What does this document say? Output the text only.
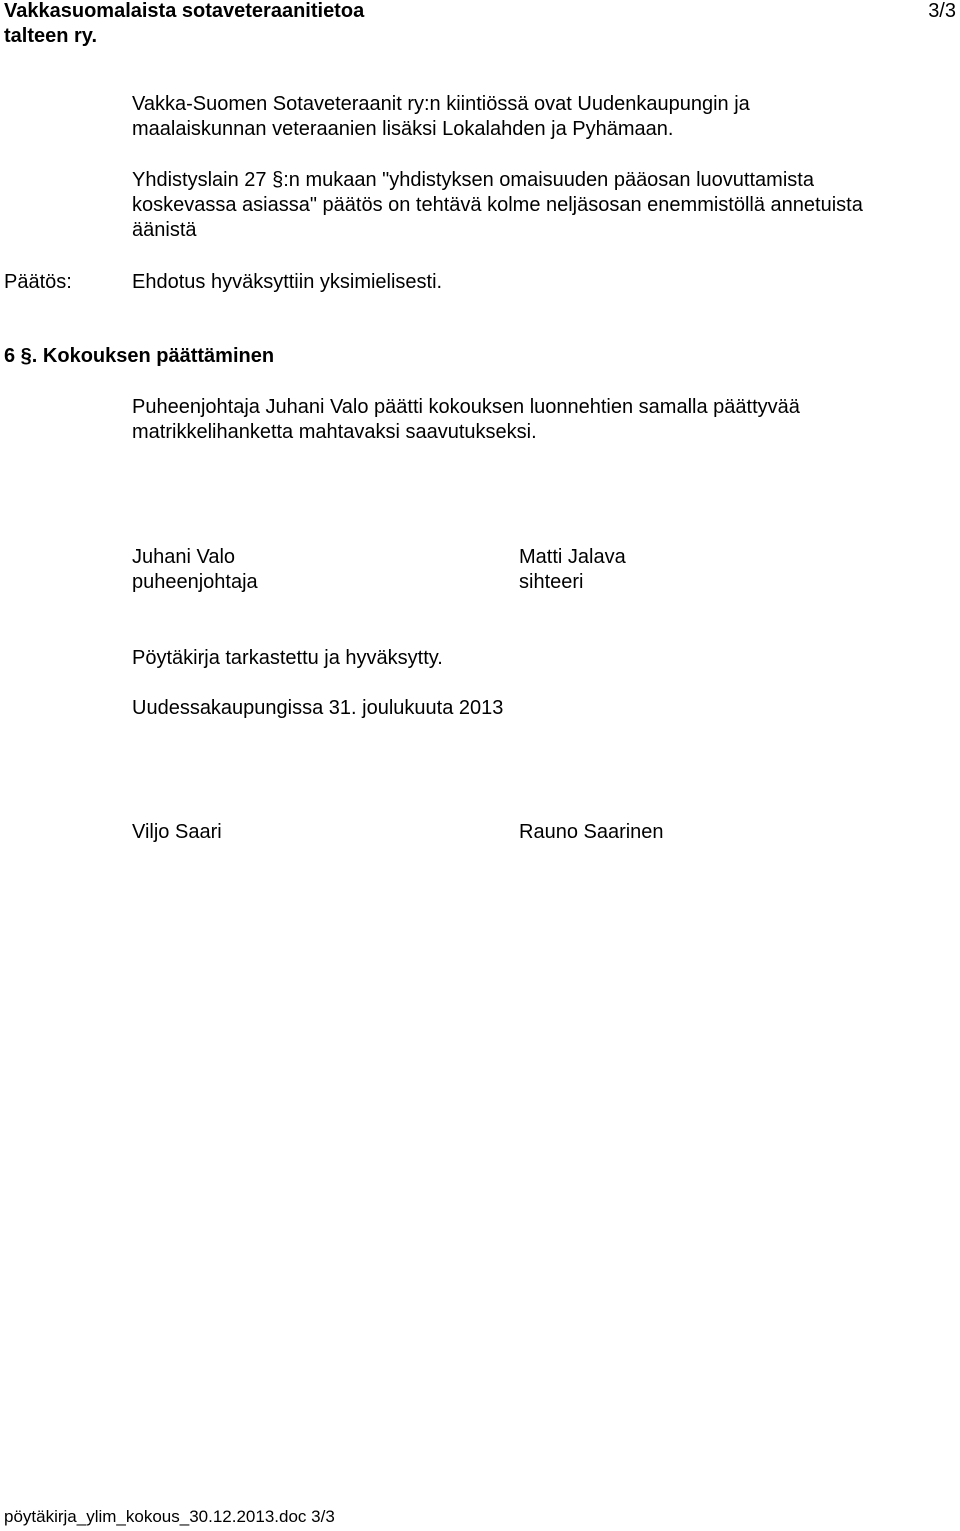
Vakkasuomalaista sotaveteraanitietoa
talteen ry.
3/3
Vakka-Suomen Sotaveteraanit ry:n kiintiössä ovat Uudenkaupungin ja
maalaiskunnan veteraanien lisäksi Lokalahden ja Pyhämaan.
Yhdistyslain 27 §:n mukaan "yhdistyksen omaisuuden pääosan luovuttamista
koskevassa asiassa" päätös on tehtävä kolme neljäsosan enemmistöllä annetuista
äänistä
Päätös:	Ehdotus hyväksyttiin yksimielisesti.
6 §. Kokouksen päättäminen
Puheenjohtaja Juhani Valo päätti kokouksen luonnehtien samalla päättyvää
matrikkelihanketta mahtavaksi saavutukseksi.
Juhani Valo
puheenjohtaja
Matti Jalava
sihteeri
Pöytäkirja tarkastettu ja hyväksytty.
Uudessakaupungissa 31. joulukuuta 2013
Viljo Saari	Rauno Saarinen
pöytäkirja_ylim_kokous_30.12.2013.doc 3/3
